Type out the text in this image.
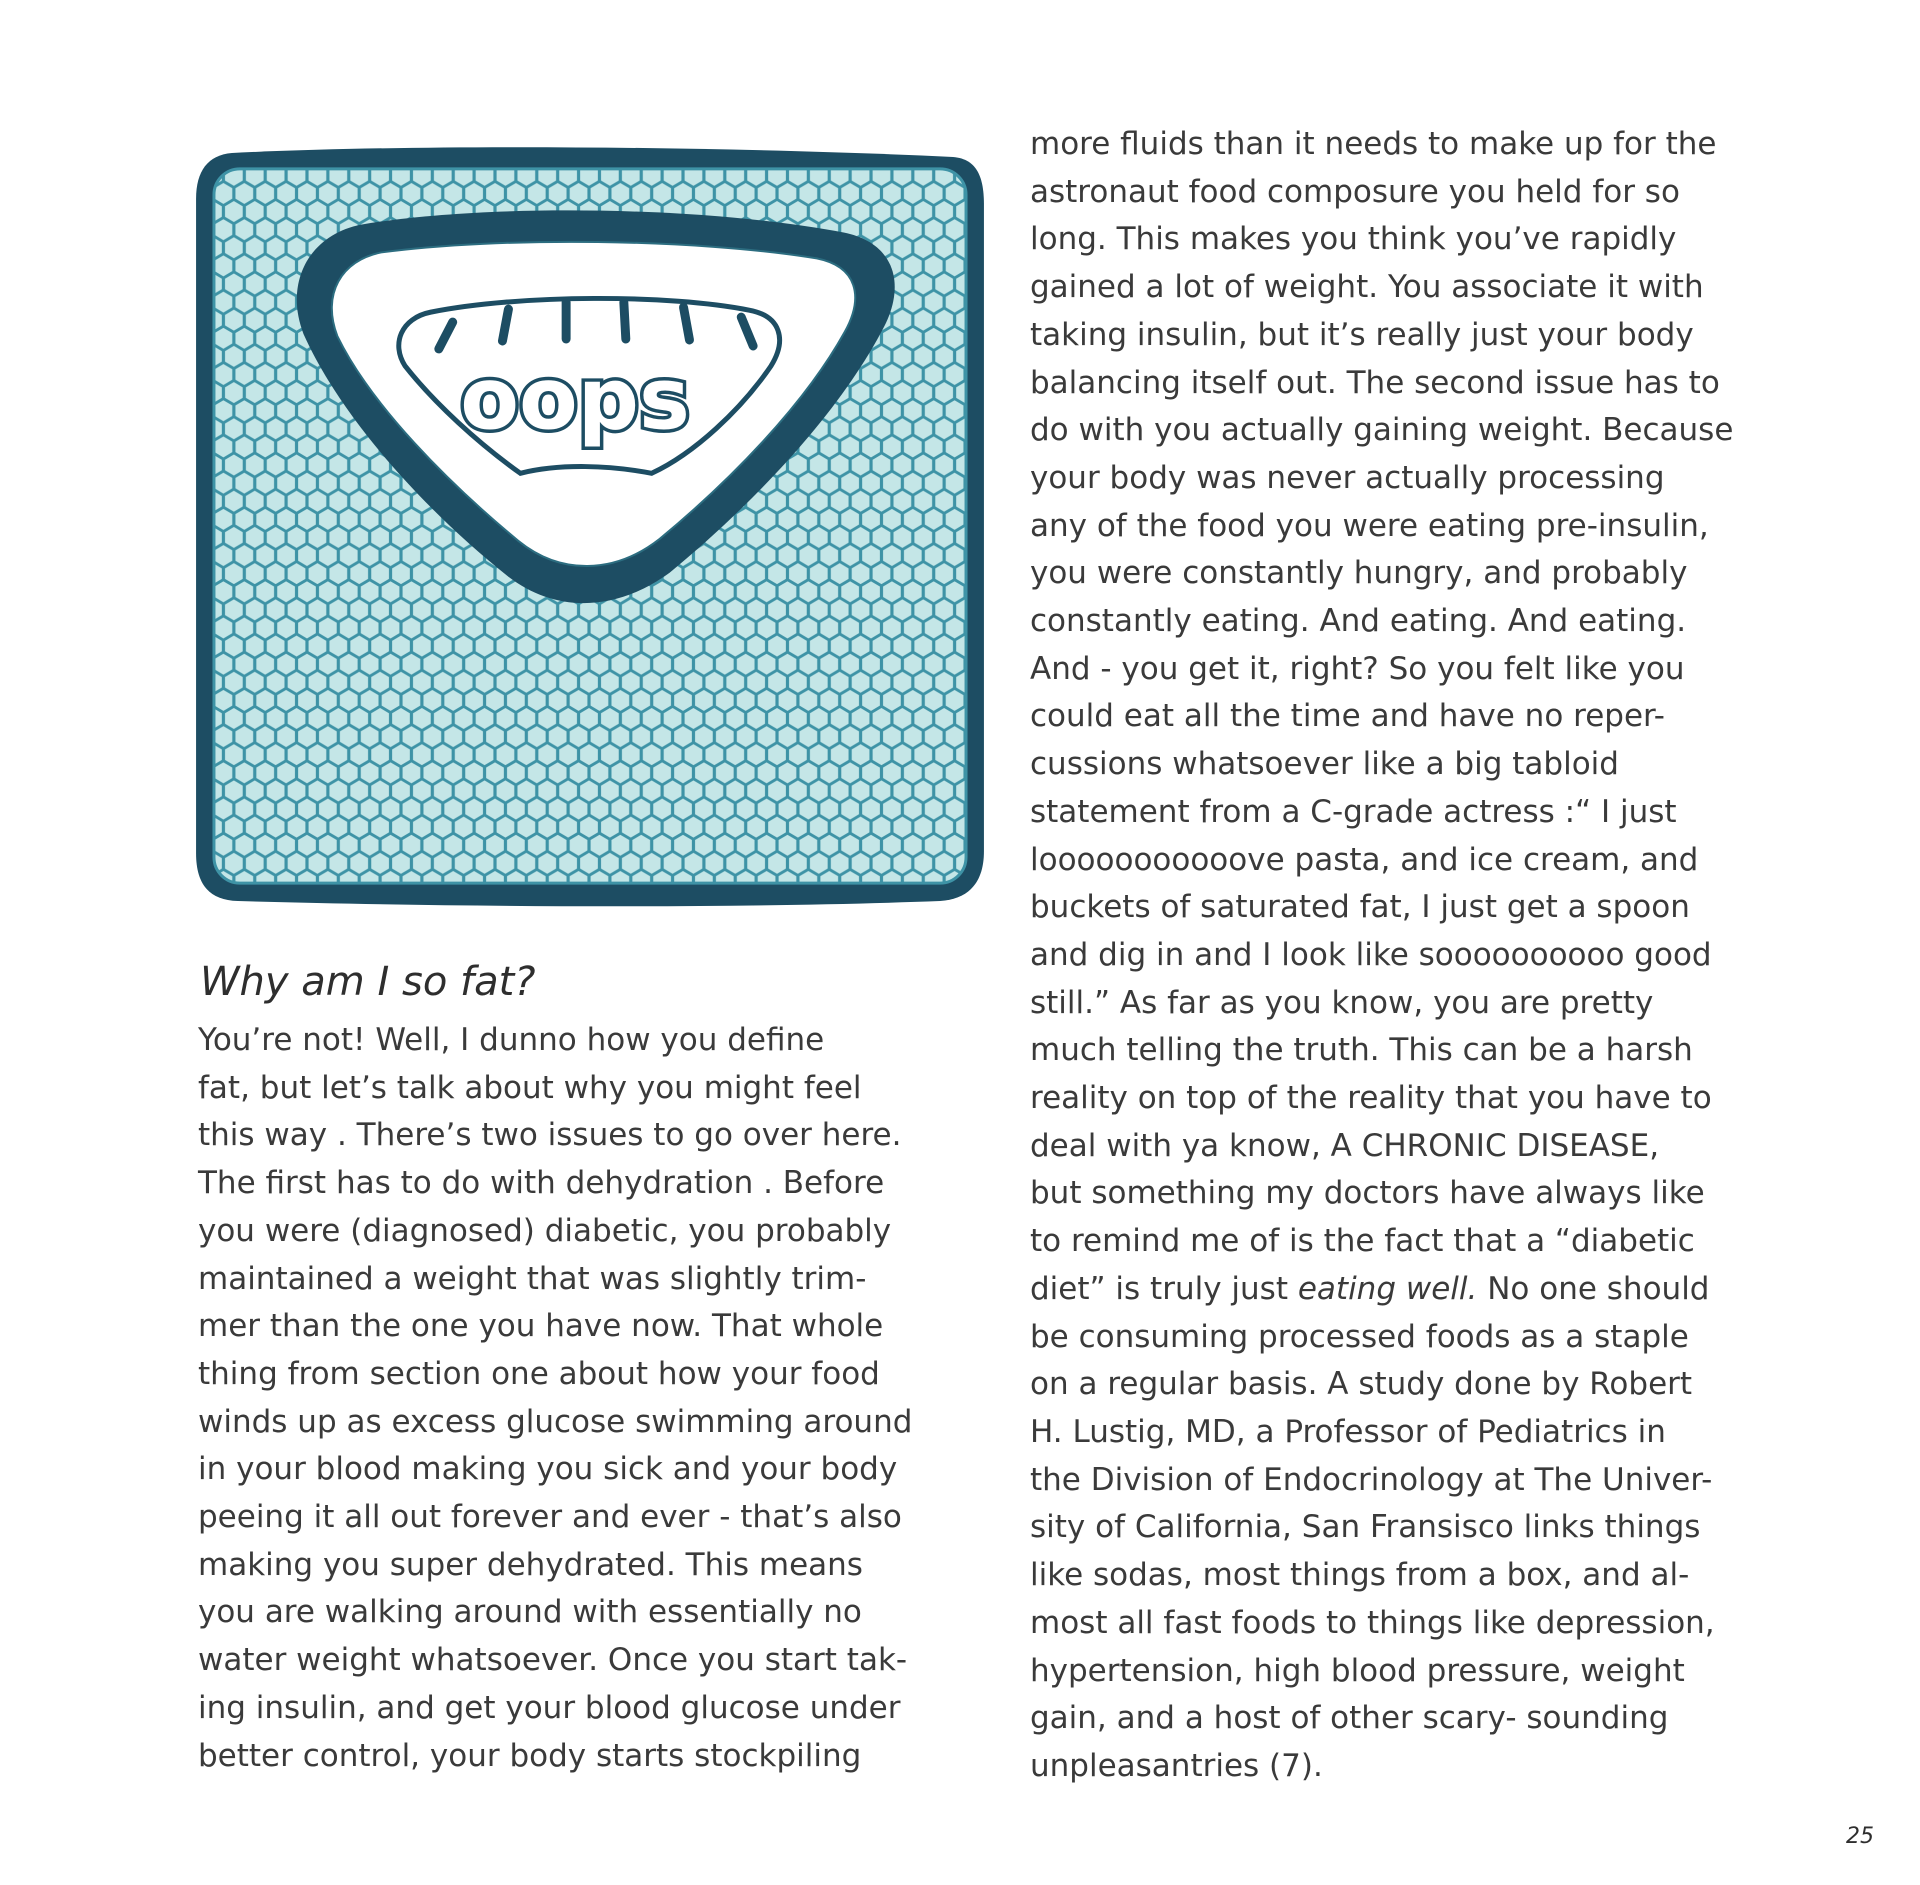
oops
Why am I so fat?
You’re not! Well, I dunno how you define
fat, but let’s talk about why you might feel
this way . There’s two issues to go over here.
The first has to do with dehydration . Before
you were (diagnosed) diabetic, you probably
maintained a weight that was slightly trim-
mer than the one you have now. That whole
thing from section one about how your food
winds up as excess glucose swimming around
in your blood making you sick and your body
peeing it all out forever and ever - that’s also
making you super dehydrated. This means
you are walking around with essentially no
water weight whatsoever. Once you start tak-
ing insulin, and get your blood glucose under
better control, your body starts stockpiling
more fluids than it needs to make up for the
astronaut food composure you held for so
long. This makes you think you’ve rapidly
gained a lot of weight. You associate it with
taking insulin, but it’s really just your body
balancing itself out. The second issue has to
do with you actually gaining weight. Because
your body was never actually processing
any of the food you were eating pre-insulin,
you were constantly hungry, and probably
constantly eating. And eating. And eating.
And - you get it, right? So you felt like you
could eat all the time and have no reper-
cussions whatsoever like a big tabloid
statement from a C-grade actress :“ I just
looooooooooove pasta, and ice cream, and
buckets of saturated fat, I just get a spoon
and dig in and I look like soooooooooo good
still.” As far as you know, you are pretty
much telling the truth. This can be a harsh
reality on top of the reality that you have to
deal with ya know, A CHRONIC DISEASE,
but something my doctors have always like
to remind me of is the fact that a “diabetic
diet” is truly just eating well. No one should
be consuming processed foods as a staple
on a regular basis. A study done by Robert
H. Lustig, MD, a Professor of Pediatrics in
the Division of Endocrinology at The Univer-
sity of California, San Fransisco links things
like sodas, most things from a box, and al-
most all fast foods to things like depression,
hypertension, high blood pressure, weight
gain, and a host of other scary- sounding
unpleasantries (7).
25
